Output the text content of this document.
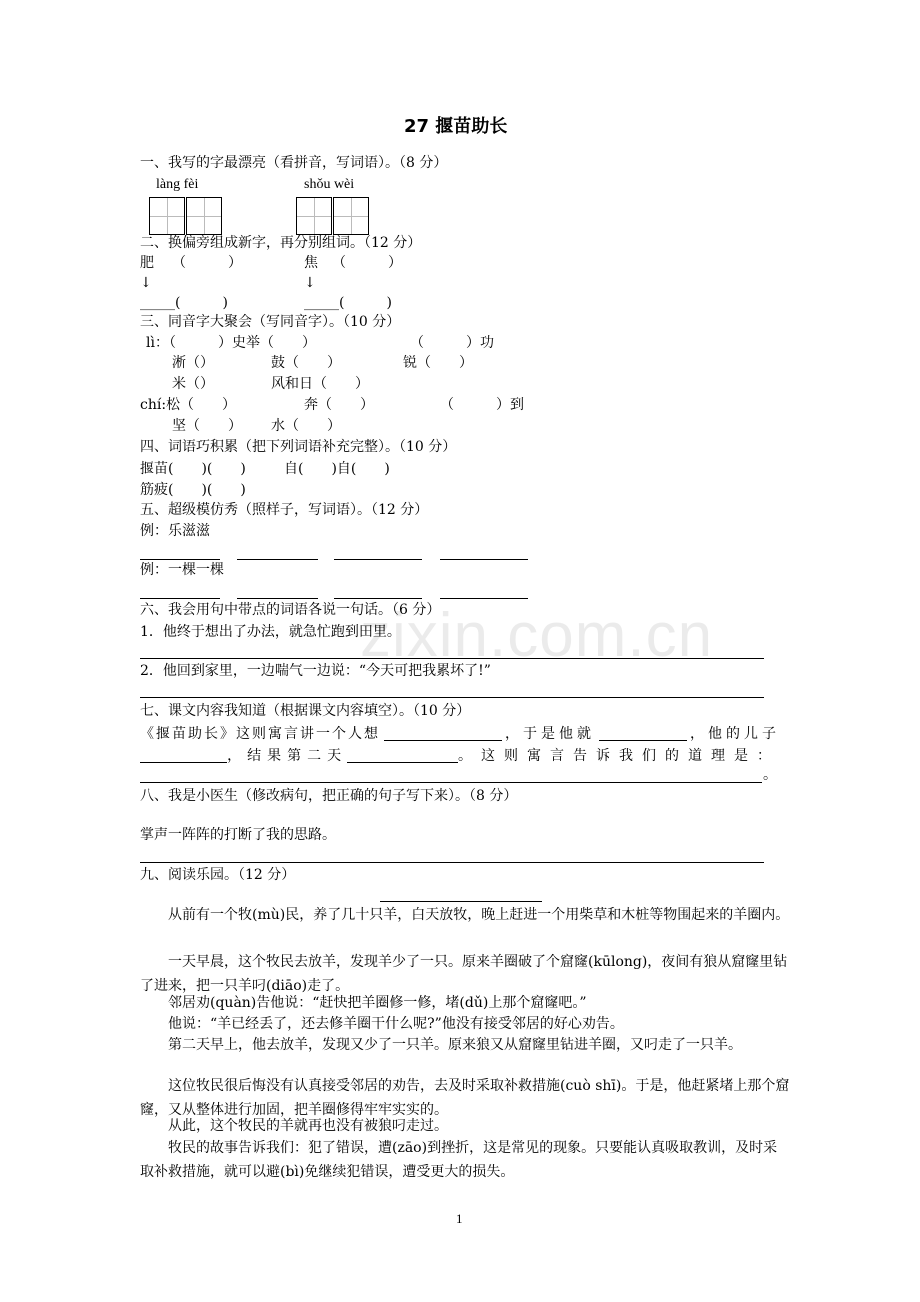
zixin.com.cn
27 揠苗助长
一、我写的字最漂亮（看拼音，写词语）。（8 分）
làng fèi	shǒu wèi
二、换偏旁组成新字，再分别组词。（12 分）
肥 （　　　）	焦 （　　　）
↓	↓
_____(　　　)	_____(　　　)
三、同音字大聚会（写同音字）。（10 分）
lì：（　　　）史举（　　）	（　　　）功
淅（）	鼓（　　）	锐（　　）
米（）	风和日（　　）
chí:松（　　）	奔（　　）	（　　　）到
坚（　　） 水（　　）
四、词语巧积累（把下列词语补充完整）。（10 分）
揠苗(　　)(　　)	自(　　)自(　　)
筋疲(　　)(　　)
五、超级模仿秀（照样子，写词语）。（12 分）
例：乐滋滋
例：一棵一棵
六、我会用句中带点的词语各说一句话。（6 分）
1．他终于想出了办法，就急忙跑到田里。
2．他回到家里，一边喘气一边说：“今天可把我累坏了!”
七、课文内容我知道（根据课文内容填空）。（10 分）
《揠苗助长》这则寓言讲一个人想	，于是他就	，他的儿子
，结果第二天	。这则寓言告诉我们的道理是：
。
八、我是小医生（修改病句，把正确的句子写下来）。（8 分）
掌声一阵阵的打断了我的思路。
九、阅读乐园。（12 分）
从前有一个牧(mù)民，养了几十只羊，白天放牧，晚上赶进一个用柴草和木桩等物围起来的羊圈内。
一天早晨，这个牧民去放羊，发现羊少了一只。原来羊圈破了个窟窿(kūlong)，夜间有狼从窟窿里钻了进来，把一只羊叼(diāo)走了。
邻居劝(quàn)告他说：“赶快把羊圈修一修，堵(dǔ)上那个窟窿吧。”
他说：“羊已经丢了，还去修羊圈干什么呢?”他没有接受邻居的好心劝告。
第二天早上，他去放羊，发现又少了一只羊。原来狼又从窟窿里钻进羊圈，又叼走了一只羊。
这位牧民很后悔没有认真接受邻居的劝告，去及时采取补救措施(cuò shī)。于是，他赶紧堵上那个窟窿，又从整体进行加固，把羊圈修得牢牢实实的。
从此，这个牧民的羊就再也没有被狼叼走过。
牧民的故事告诉我们：犯了错误，遭(zāo)到挫折，这是常见的现象。只要能认真吸取教训，及时采取补救措施，就可以避(bì)免继续犯错误，遭受更大的损失。
1
